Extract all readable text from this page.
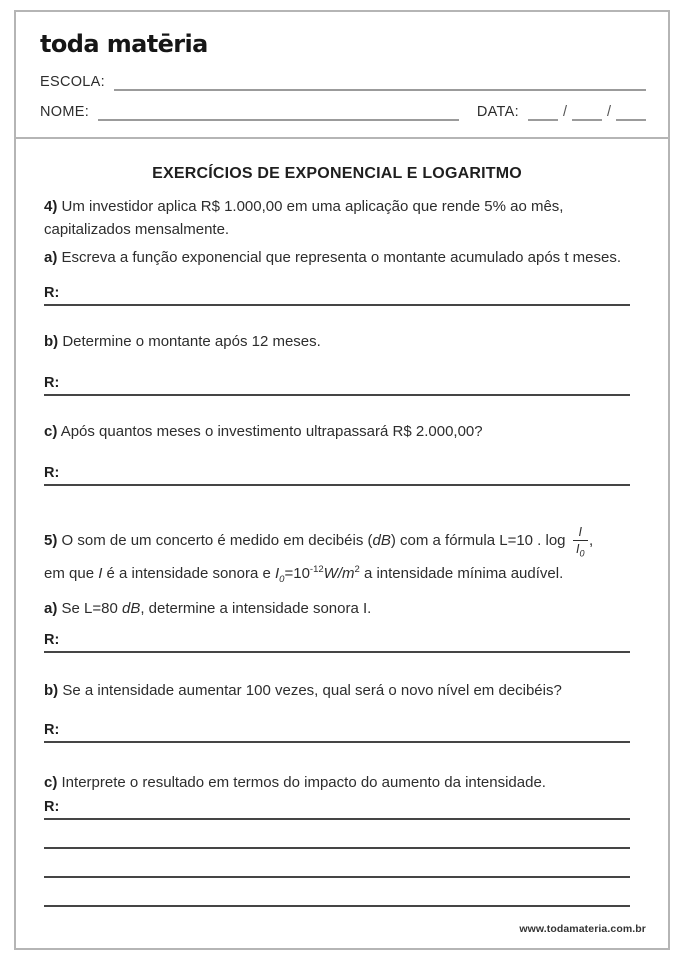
toda matēria
ESCOLA:
NOME:	DATA:	/	/
EXERCÍCIOS DE EXPONENCIAL E LOGARITMO

4) Um investidor aplica R$ 1.000,00 em uma aplicação que rende 5% ao mês, capitalizados mensalmente.

a) Escreva a função exponencial que representa o montante acumulado após t meses.

R:

b) Determine o montante após 12 meses.

R:

c) Após quantos meses o investimento ultrapassará R$ 2.000,00?

R:

5) O som de um concerto é medido em decibéis (dB) com a fórmula L=10 . $\log \frac{I}{I_0}$ ,
em que I é a intensidade sonora e $I_0=10^{-12}W/m^2$ a intensidade mínima audível.

a) Se L=80 dB, determine a intensidade sonora I.

R:

b) Se a intensidade aumentar 100 vezes, qual será o novo nível em decibéis?

R:

c) Interprete o resultado em termos do impacto do aumento da intensidade.

R:
www.todamateria.com.br
